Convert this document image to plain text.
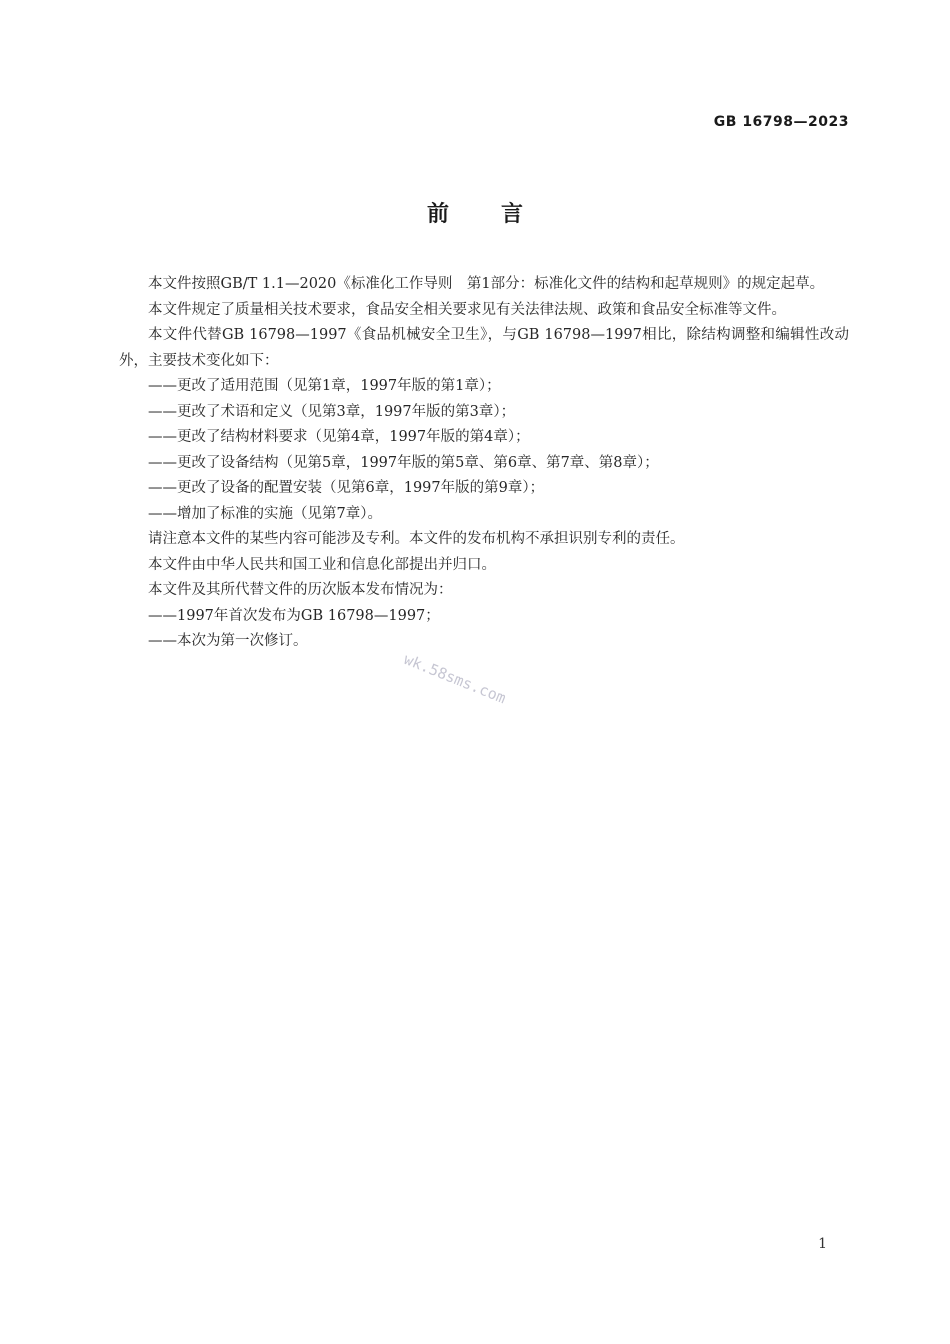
GB 16798—2023
前言

本文件按照GB/T 1.1—2020《标准化工作导则　第1部分：标准化文件的结构和起草规则》的规定起草。

本文件规定了质量相关技术要求，食品安全相关要求见有关法律法规、政策和食品安全标准等文件。

本文件代替GB 16798—1997《食品机械安全卫生》，与GB 16798—1997相比，除结构调整和编辑性改动外，主要技术变化如下：

——更改了适用范围（见第1章，1997年版的第1章）；

——更改了术语和定义（见第3章，1997年版的第3章）；

——更改了结构材料要求（见第4章，1997年版的第4章）；

——更改了设备结构（见第5章，1997年版的第5章、第6章、第7章、第8章）；

——更改了设备的配置安装（见第6章，1997年版的第9章）；

——增加了标准的实施（见第7章）。

请注意本文件的某些内容可能涉及专利。本文件的发布机构不承担识别专利的责任。

本文件由中华人民共和国工业和信息化部提出并归口。

本文件及其所代替文件的历次版本发布情况为：

——1997年首次发布为GB 16798—1997；

——本次为第一次修订。

wk.58sms.com
1
